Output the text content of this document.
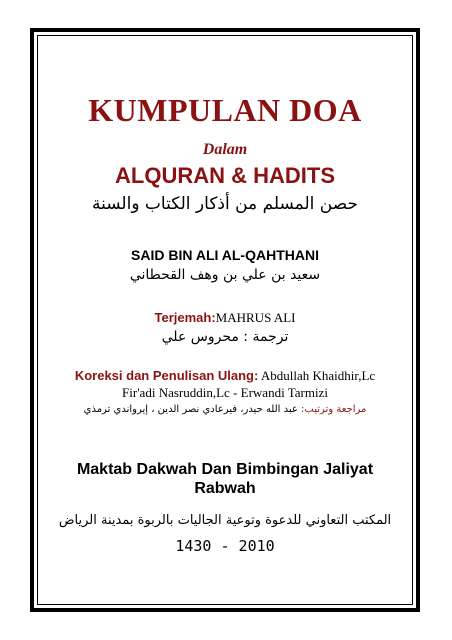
KUMPULAN DOA
Dalam
ALQURAN & HADITS
حصن المسلم من أذكار الكتاب والسنة
SAID BIN ALI AL-QAHTHANI
سعيد بن علي بن وهف القحطاني
Terjemah:MAHRUS ALI
ترجمة : محروس علي
Koreksi dan Penulisan Ulang: Abdullah Khaidhir,Lc
Fir'adi Nasruddin,Lc - Erwandi Tarmizi
مراجعة وترتيب: عبد الله حيدر، فيرعادي نصر الدين ، إيرواندي ترمذي
Maktab Dakwah Dan Bimbingan Jaliyat
Rabwah
المكتب التعاوني للدعوة وتوعية الجاليات بالربوة بمدينة الرياض
1430 - 2010
